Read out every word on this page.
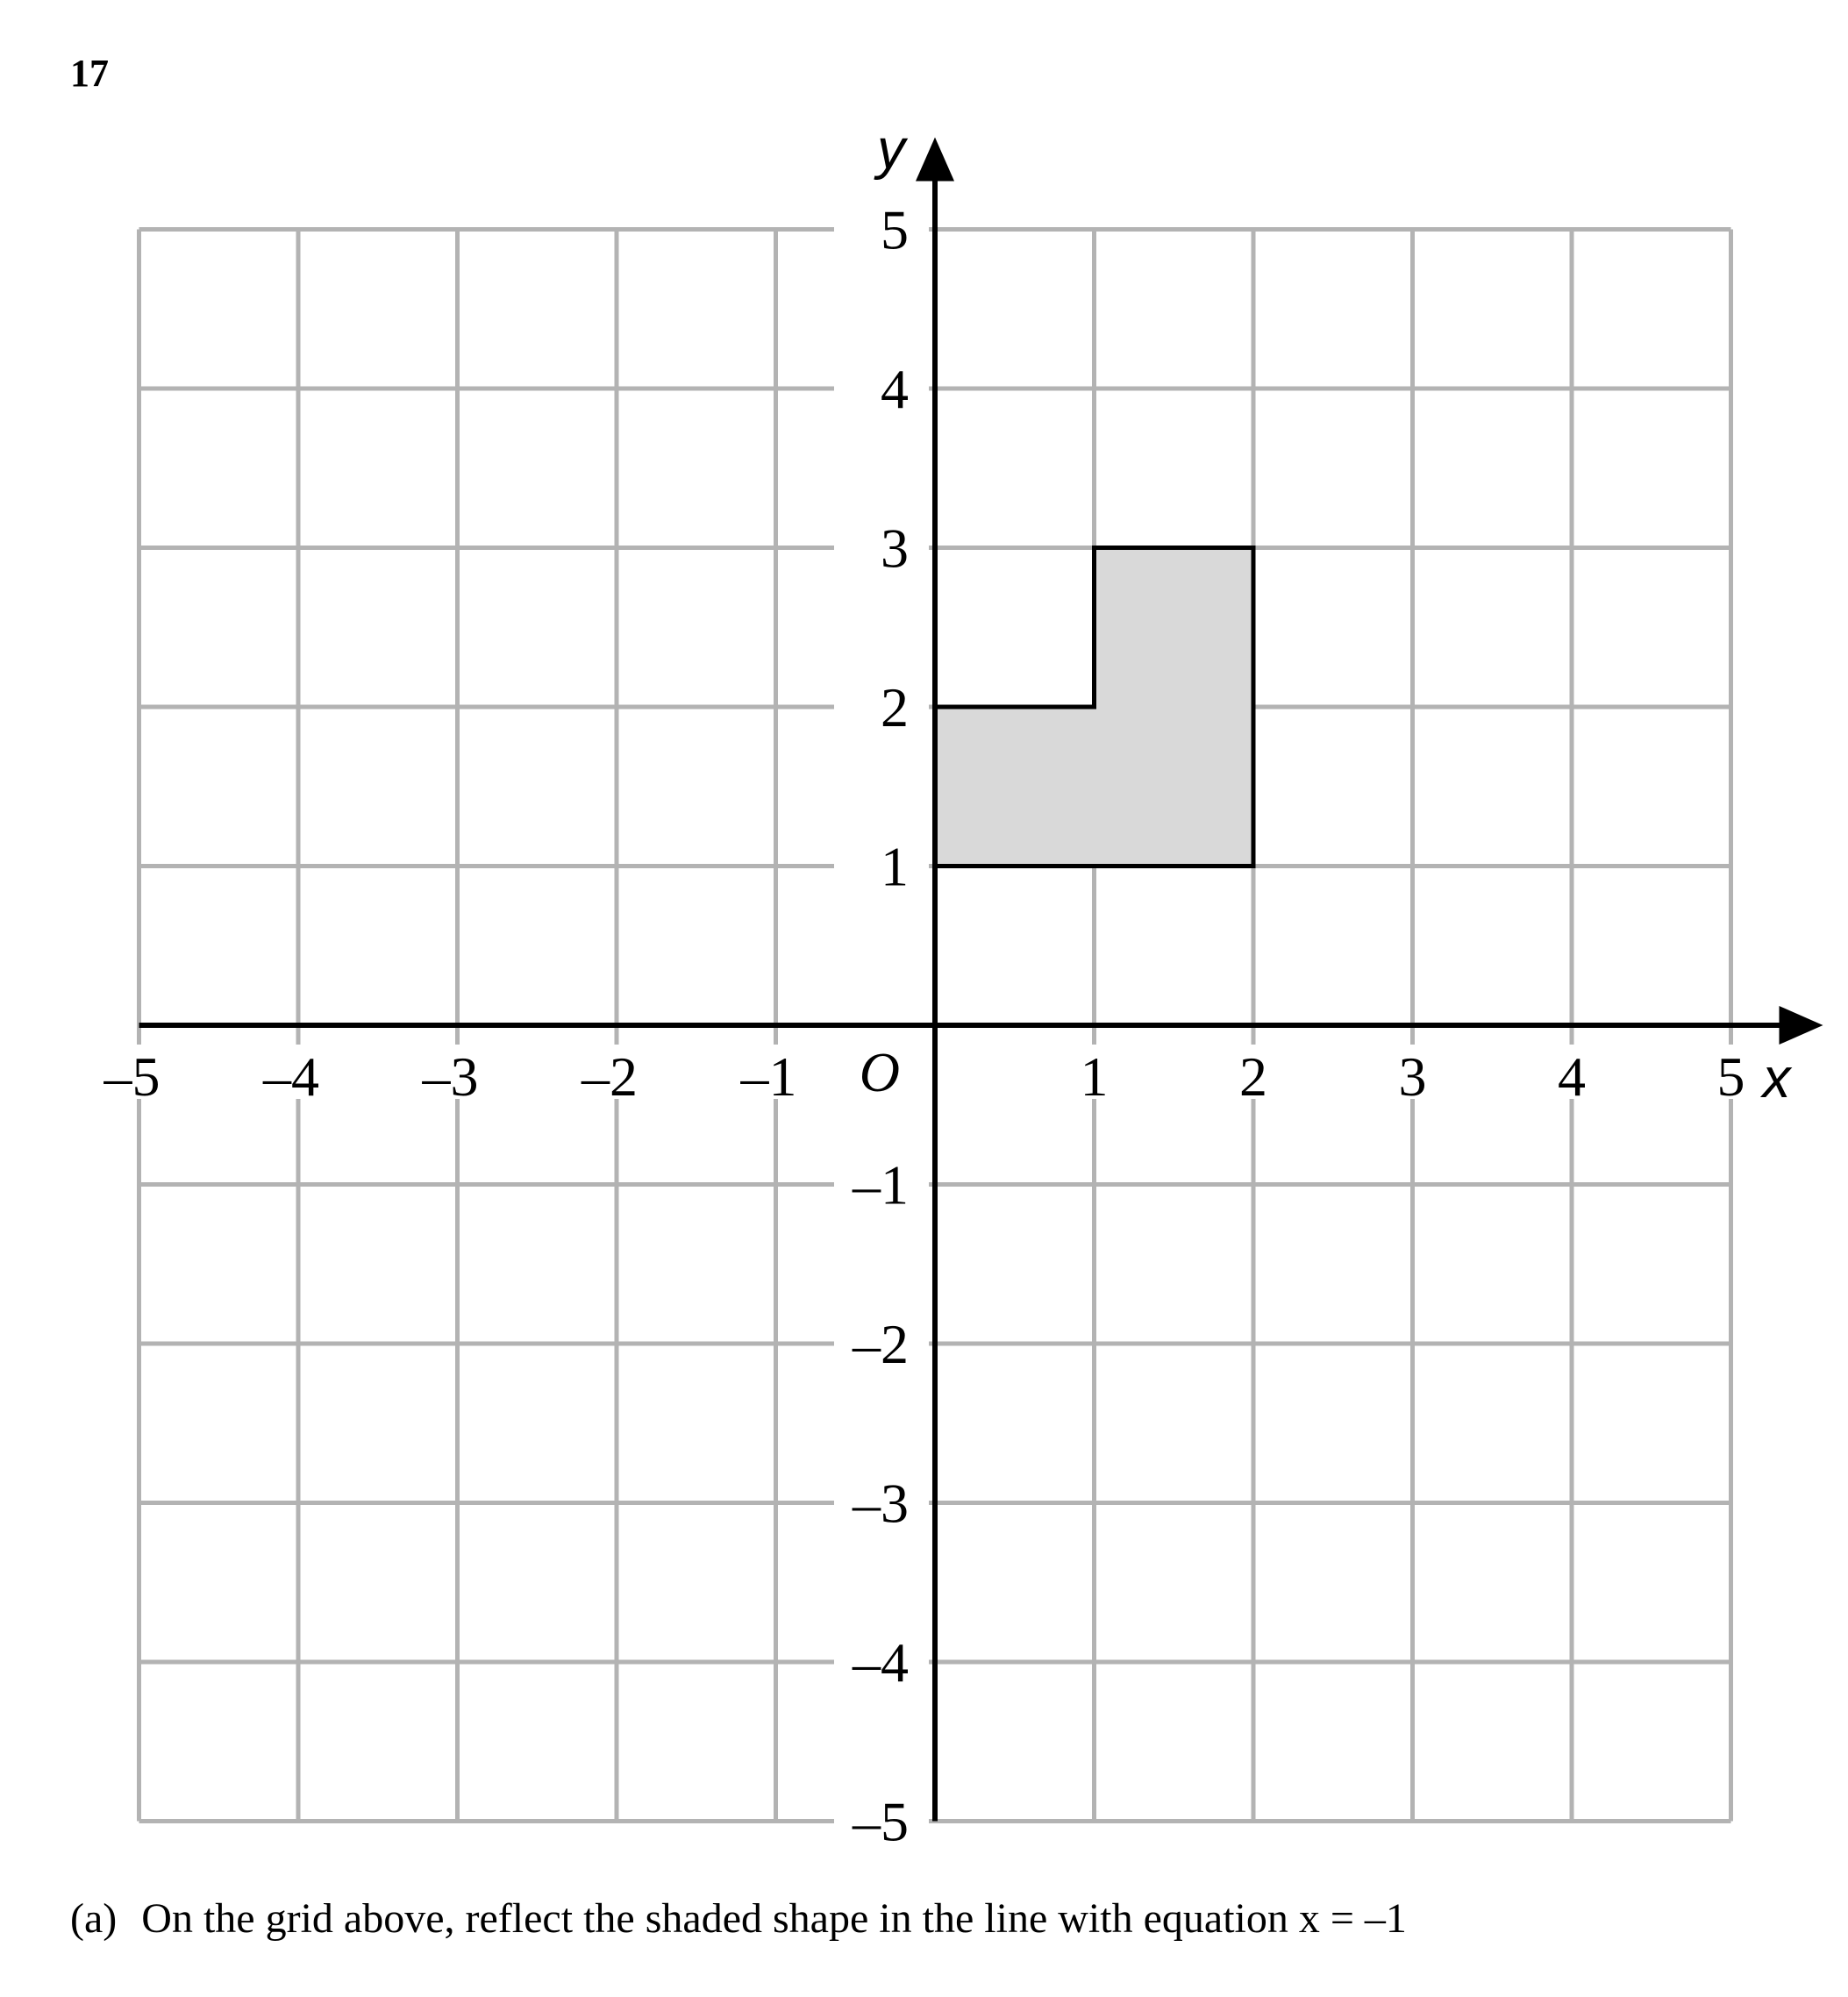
17
–5 –4 –3 –2 –1	1 2 3 4 5
5
4
3
2
1
–1
–2
–3
–4
–5
O	x
y
(a) On the grid above, reflect the shaded shape in the line with equation x = –1
